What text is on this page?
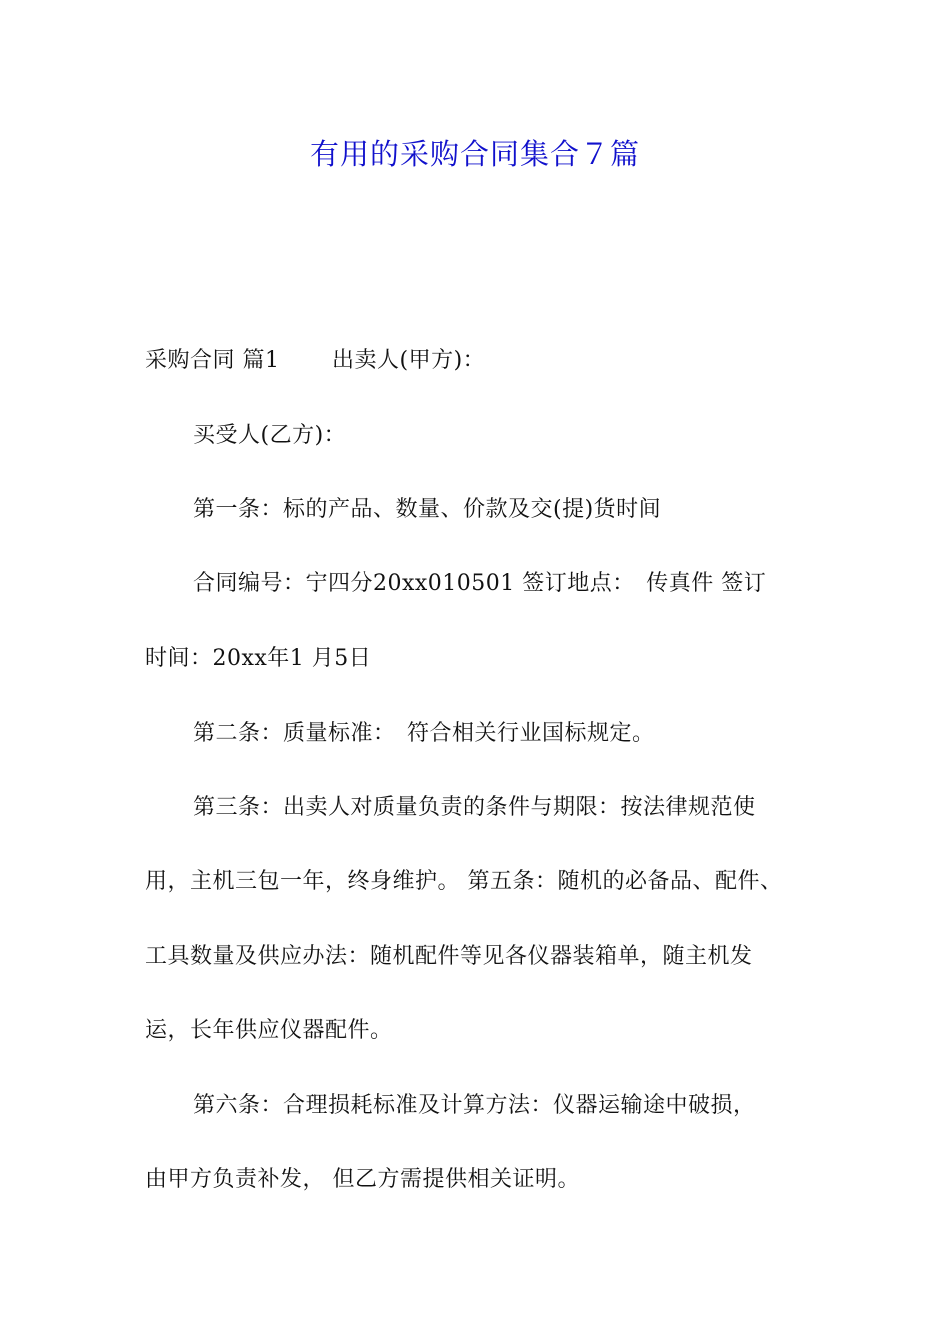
有用的采购合同集合７篇
采购合同 篇1　　 出卖人(甲方)：
买受人(乙方)：
第一条：标的产品、数量、价款及交(提)货时间
合同编号：宁四分20xx010501 签订地点：　传真件 签订
时间：20xx年1 月5日
第二条：质量标准：　符合相关行业国标规定。
第三条：出卖人对质量负责的条件与期限：按法律规范使
用，主机三包一年，终身维护。 第五条：随机的必备品、配件、
工具数量及供应办法：随机配件等见各仪器装箱单，随主机发
运，长年供应仪器配件。
第六条：合理损耗标准及计算方法：仪器运输途中破损，
由甲方负责补发， 但乙方需提供相关证明。
